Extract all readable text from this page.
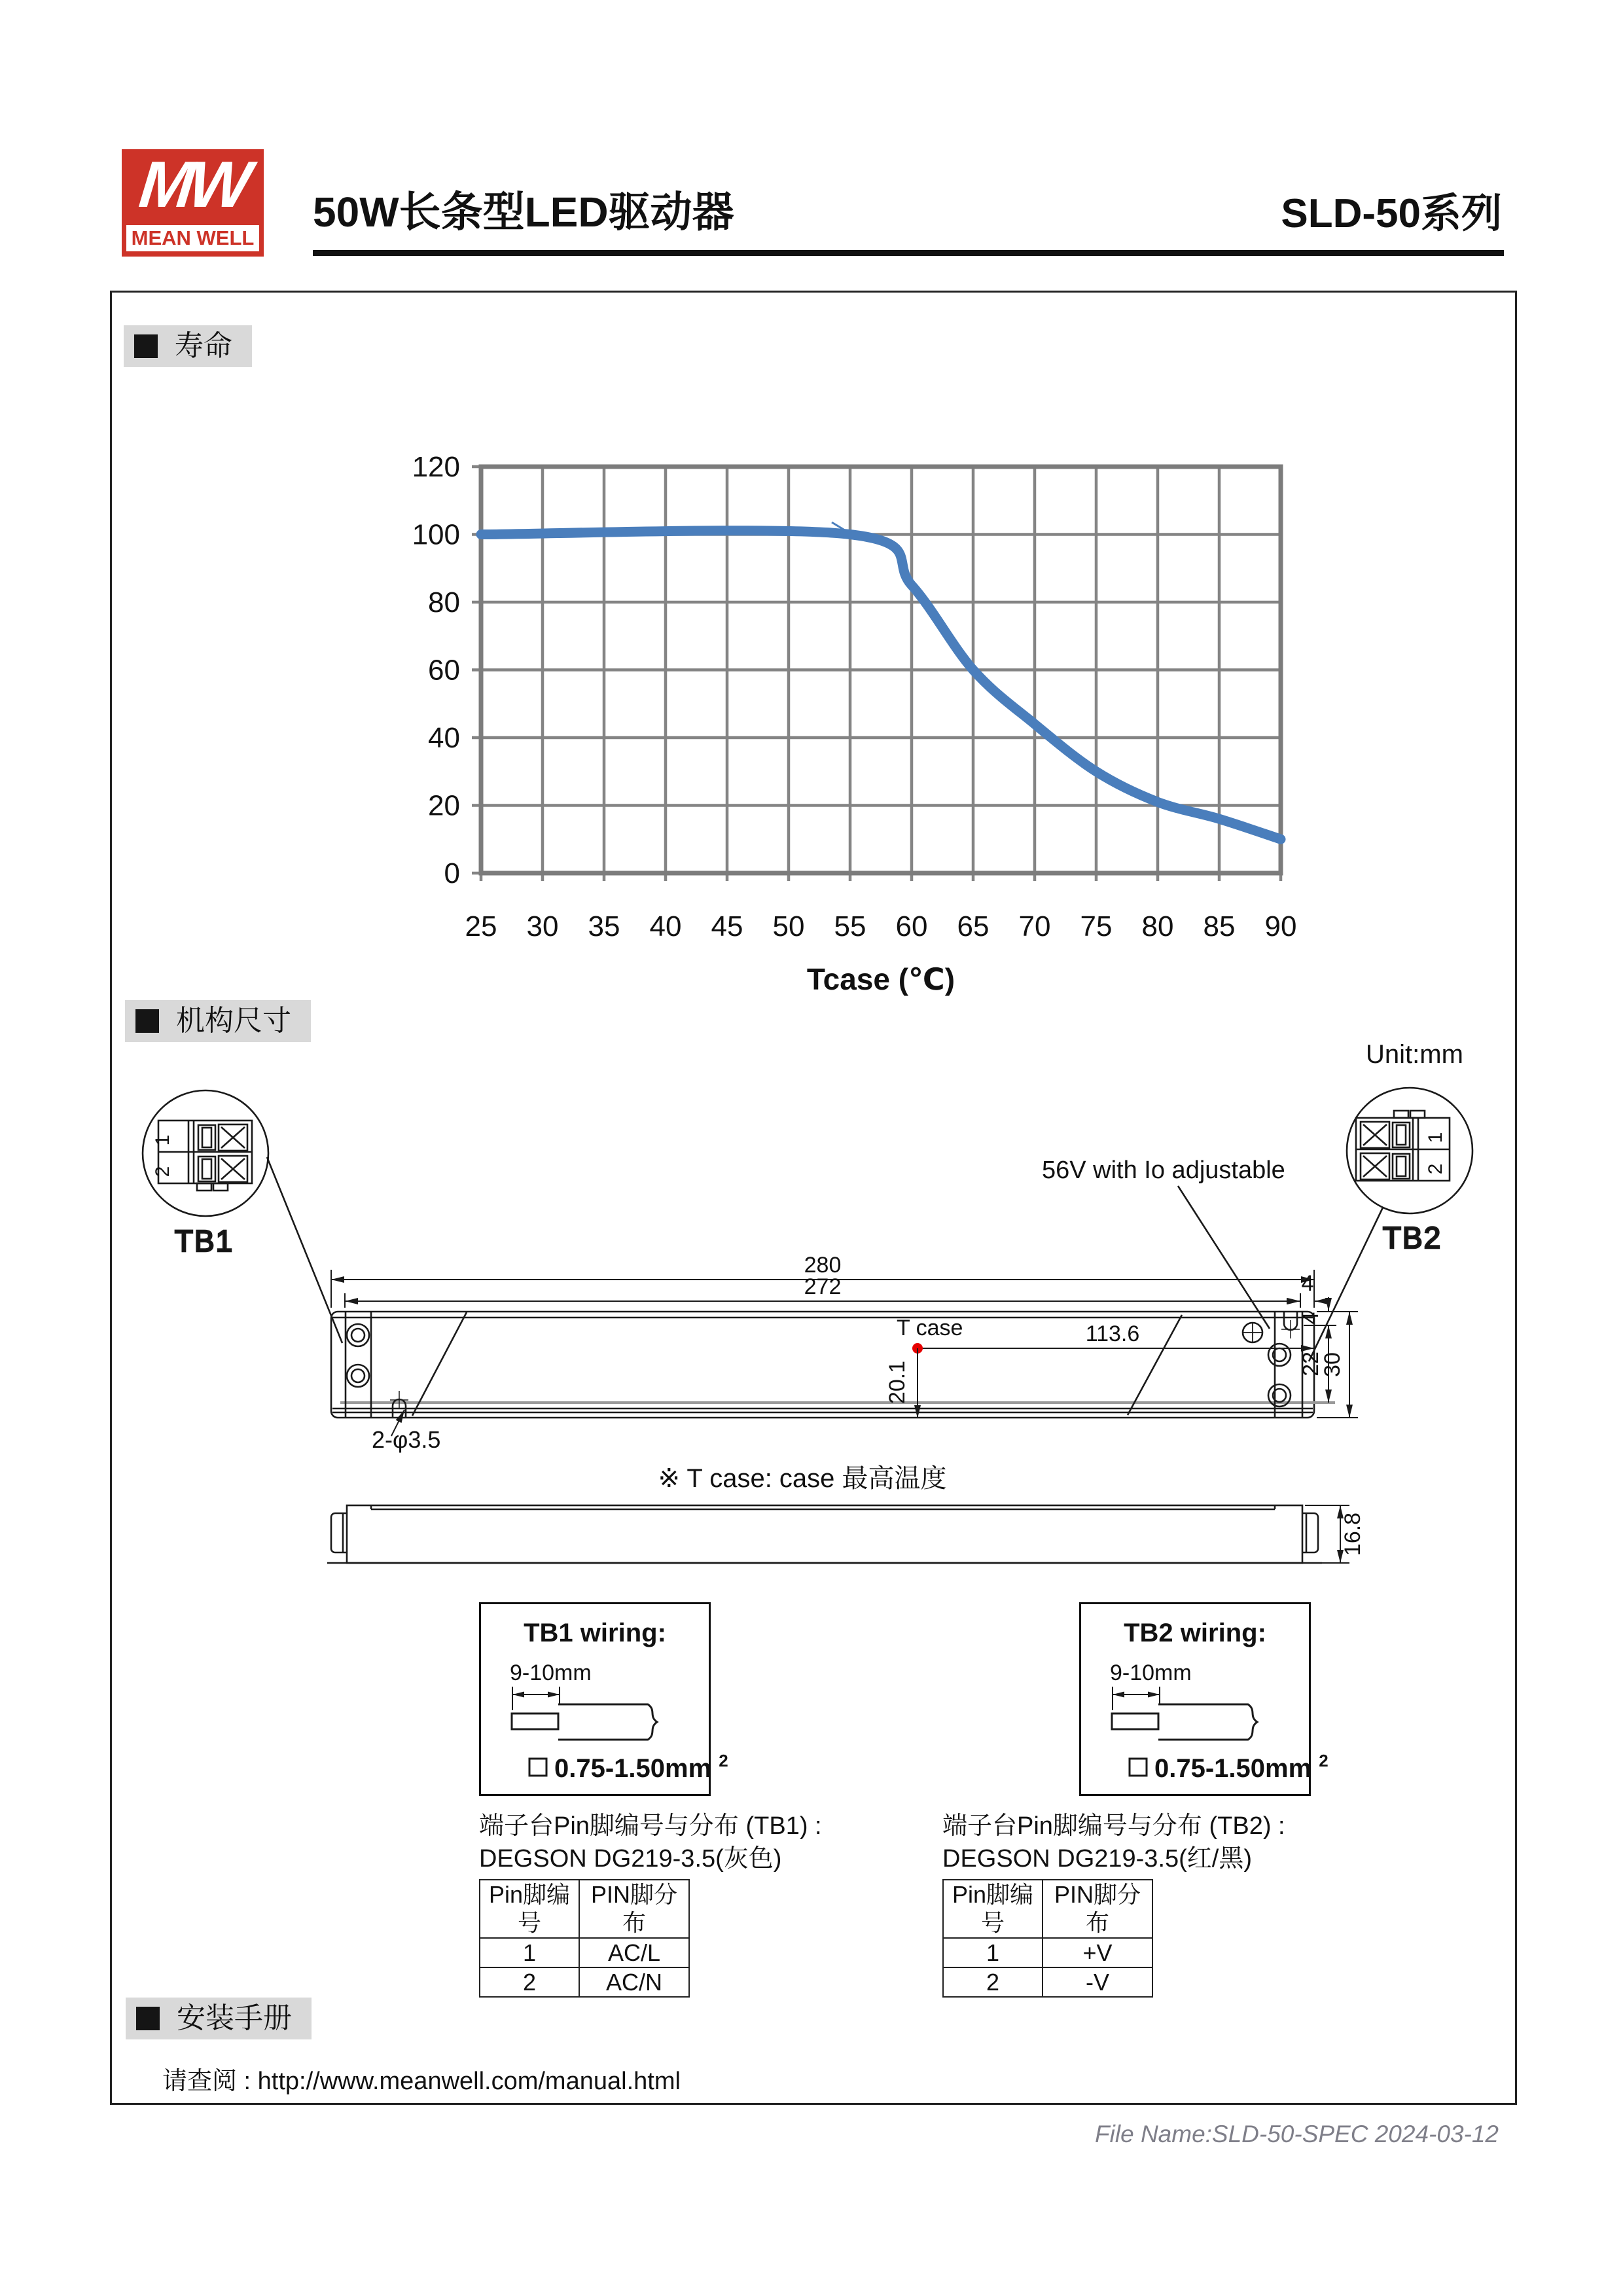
MW
MEAN WELL
50W长条型LED驱动器	SLD-50系列
寿命
0
20
40
60
80
100
120
25 30 35 40 45 50 55 60 65 70 75 80 85 90
Tcase (℃)
机构尺寸
Unit:mm
1
2
TB1
1
2
TB2
56V with Io adjustable
280
272	4
4
22
30
113.6
T case
20.1
2-φ3.5
※ T case: case 最高温度
16.8
TB1 wiring:
9-10mm
0.75-1.50mm $^2$
TB2 wiring:
9-10mm
0.75-1.50mm $^2$
端子台Pin脚编号与分布 (TB1) :
DEGSON DG219-3.5(灰色)
Pin脚编号	PIN脚分布
1	AC/L
2	AC/N
端子台Pin脚编号与分布 (TB2) :
DEGSON DG219-3.5(红/黑)
Pin脚编号	PIN脚分布
1	+V
2	-V
安装手册
请查阅 : http://www.meanwell.com/manual.html
File Name:SLD-50-SPEC 2024-03-12
